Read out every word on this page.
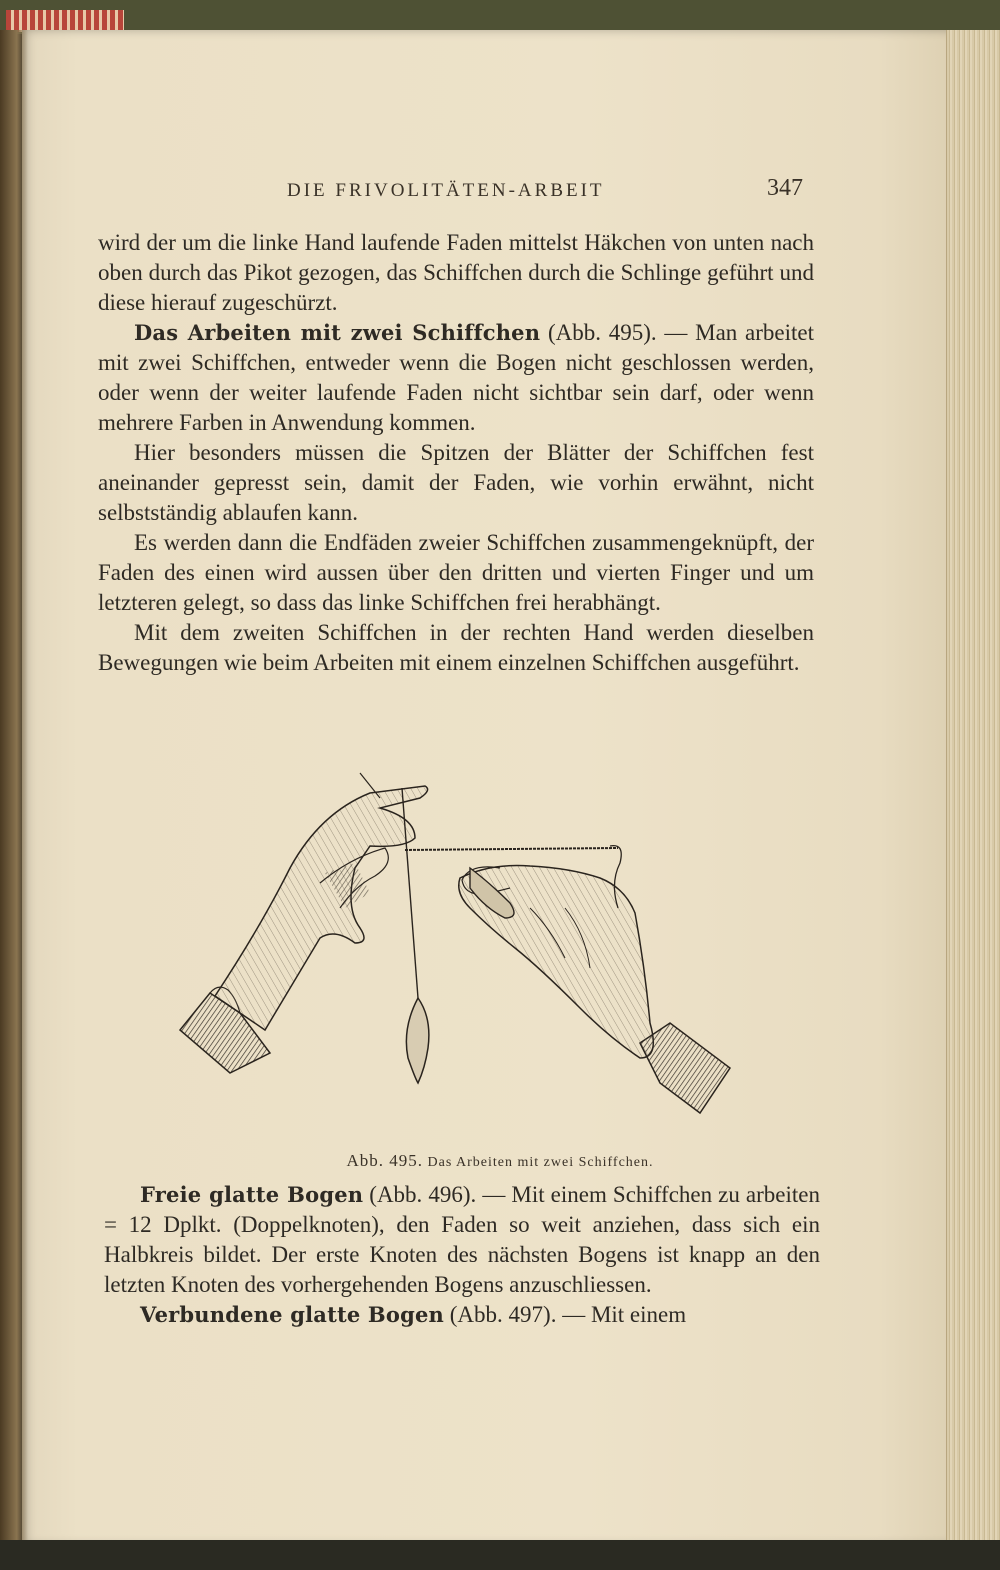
DIE FRIVOLITÄTEN-ARBEIT	347

wird der um die linke Hand laufende Faden mittelst Häkchen von unten nach oben durch das Pikot gezogen, das Schiffchen durch die Schlinge geführt und diese hierauf zugeschürzt.

Das Arbeiten mit zwei Schiffchen (Abb. 495). — Man arbeitet mit zwei Schiffchen, entweder wenn die Bogen nicht geschlossen werden, oder wenn der weiter laufende Faden nicht sichtbar sein darf, oder wenn mehrere Farben in Anwendung kommen.

Hier besonders müssen die Spitzen der Blätter der Schiffchen fest aneinander gepresst sein, damit der Faden, wie vorhin erwähnt, nicht selbstständig ablaufen kann.

Es werden dann die Endfäden zweier Schiffchen zusammengeknüpft, der Faden des einen wird aussen über den dritten und vierten Finger und um letzteren gelegt, so dass das linke Schiffchen frei herabhängt.

Mit dem zweiten Schiffchen in der rechten Hand werden dieselben Bewegungen wie beim Arbeiten mit einem einzelnen Schiffchen ausgeführt.

Abb. 495. Das Arbeiten mit zwei Schiffchen.

Freie glatte Bogen (Abb. 496). — Mit einem Schiffchen zu arbeiten = 12 Dplkt. (Doppelknoten), den Faden so weit anziehen, dass sich ein Halbkreis bildet. Der erste Knoten des nächsten Bogens ist knapp an den letzten Knoten des vorhergehenden Bogens anzuschliessen.

Verbundene glatte Bogen (Abb. 497). — Mit einem
